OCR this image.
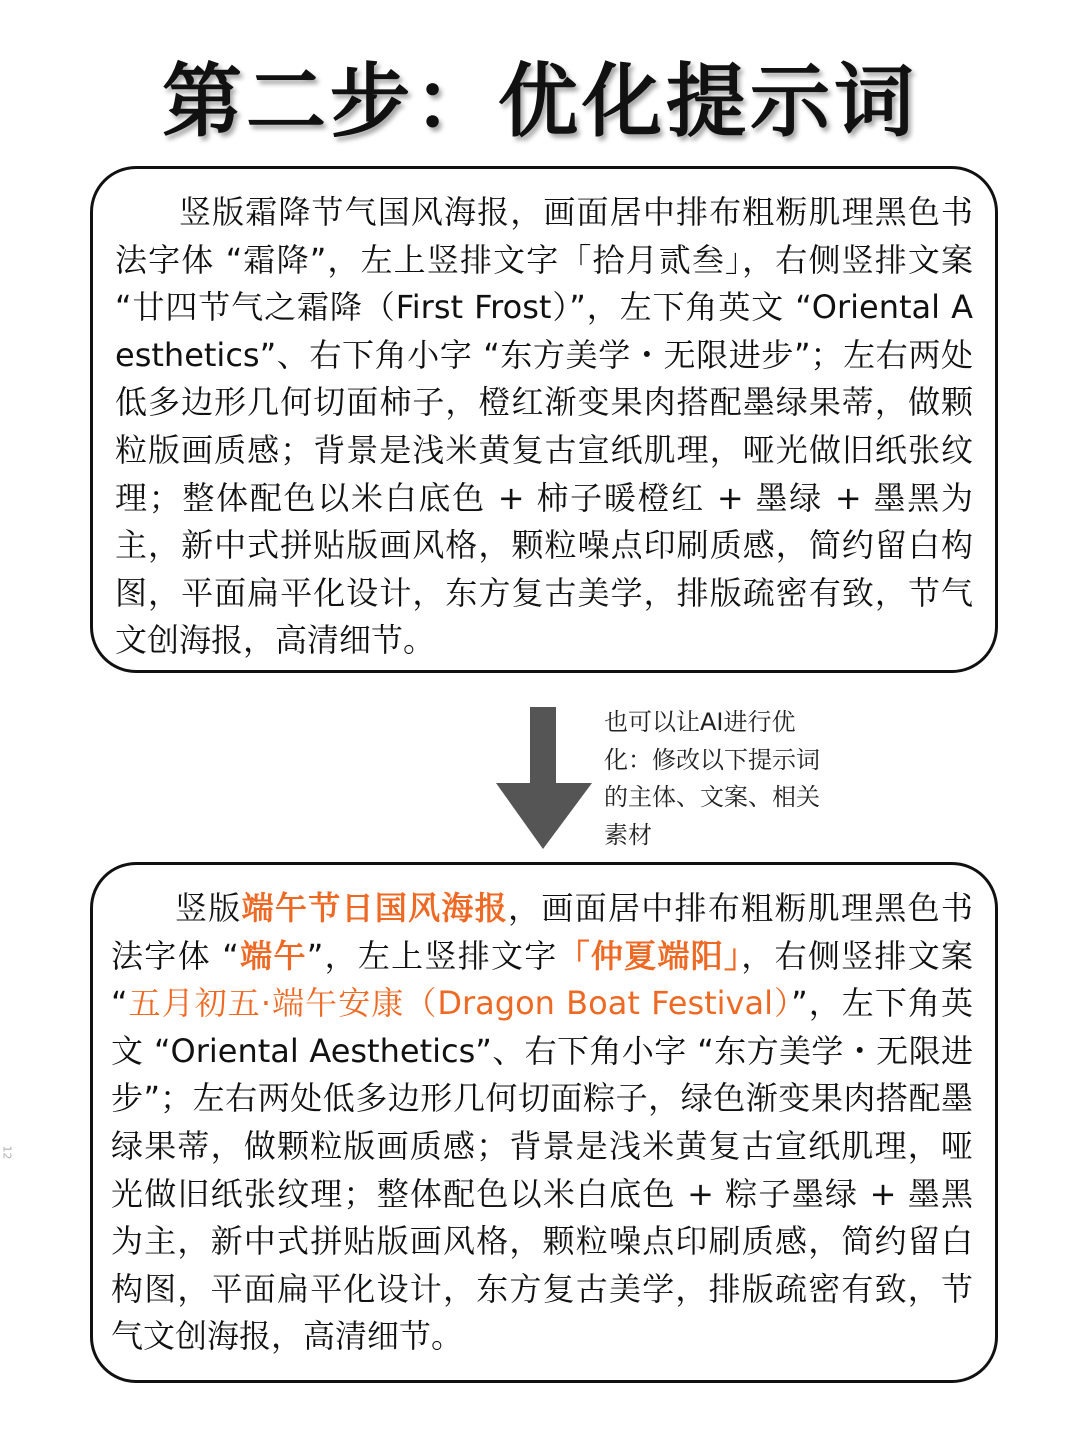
第二步：优化提示词

竖版霜降节气国风海报，画面居中排布粗粝肌理黑色书法字体 “霜降”，左上竖排文字「拾月贰叁」，右侧竖排文案 “廿四节气之霜降（First Frost）”，左下角英文 “Oriental Aesthetics”、右下角小字 “东方美学・无限进步”；左右两处低多边形几何切面柿子，橙红渐变果肉搭配墨绿果蒂，做颗粒版画质感；背景是浅米黄复古宣纸肌理，哑光做旧纸张纹理；整体配色以米白底色 + 柿子暖橙红 + 墨绿 + 墨黑为主，新中式拼贴版画风格，颗粒噪点印刷质感，简约留白构图，平面扁平化设计，东方复古美学，排版疏密有致，节气文创海报，高清细节。

也可以让AI进行优化：修改以下提示词的主体、文案、相关素材

竖版端午节日国风海报，画面居中排布粗粝肌理黑色书法字体 “端午”，左上竖排文字「仲夏端阳」，右侧竖排文案 “五月初五·端午安康（Dragon Boat Festival）”，左下角英文 “Oriental Aesthetics”、右下角小字 “东方美学・无限进步”；左右两处低多边形几何切面粽子，绿色渐变果肉搭配墨绿果蒂，做颗粒版画质感；背景是浅米黄复古宣纸肌理，哑光做旧纸张纹理；整体配色以米白底色 + 粽子墨绿 + 墨黑为主，新中式拼贴版画风格，颗粒噪点印刷质感，简约留白构图，平面扁平化设计，东方复古美学，排版疏密有致，节气文创海报，高清细节。

12
